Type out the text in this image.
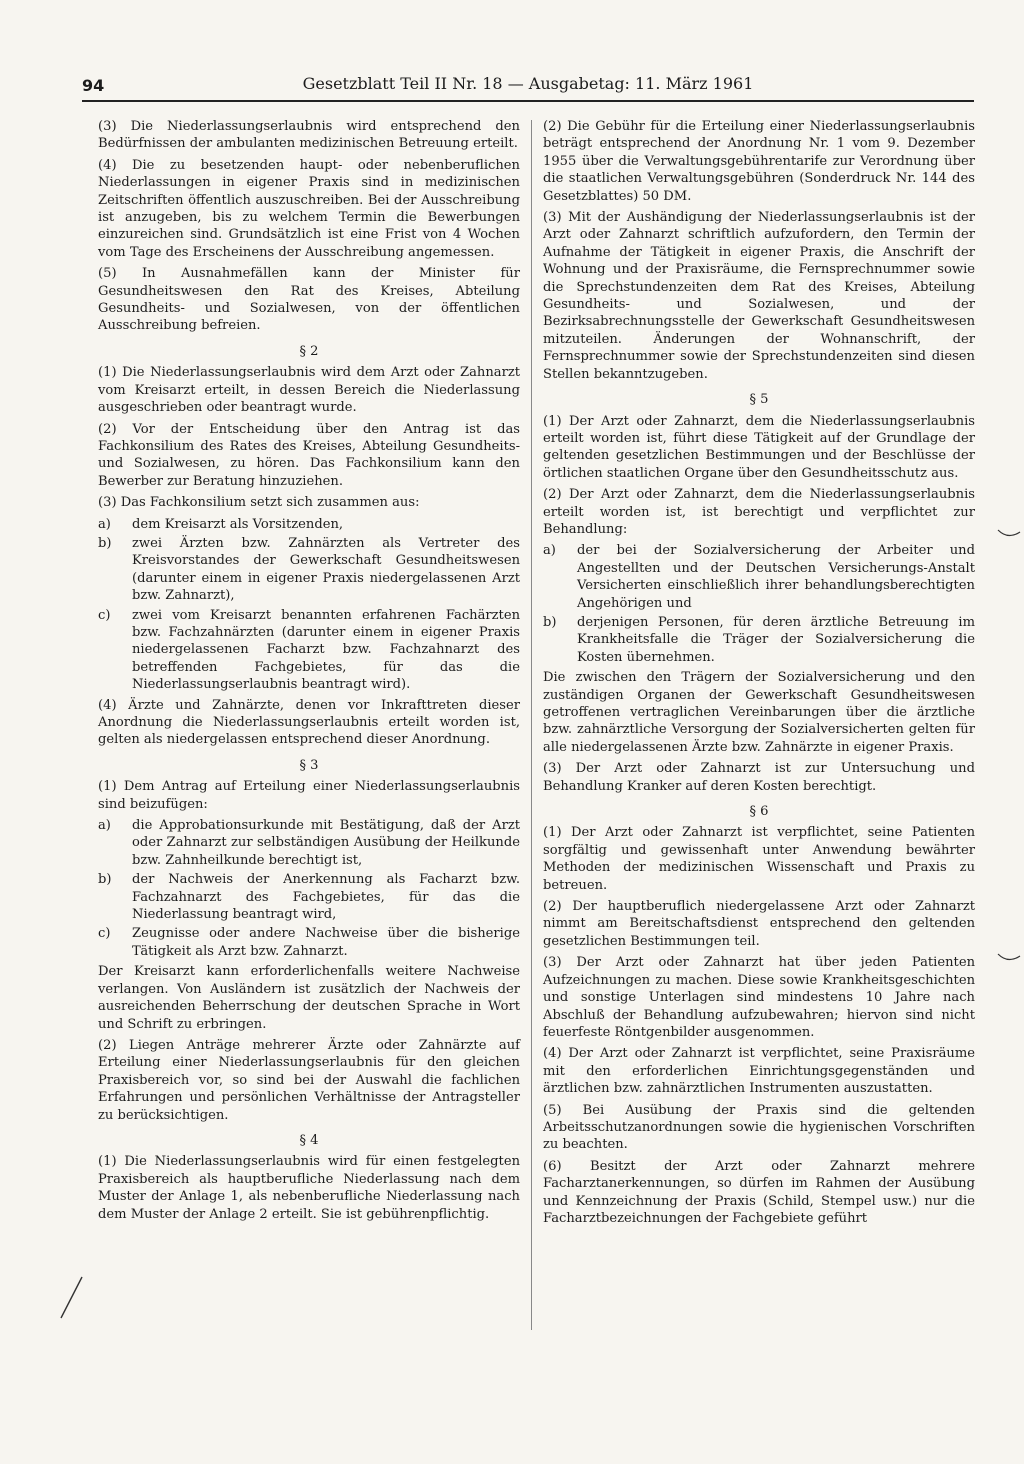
94	Gesetzblatt Teil II Nr. 18 — Ausgabetag: 11. März 1961

(3) Die Niederlassungserlaubnis wird entsprechend den Bedürfnissen der ambulanten medizinischen Betreuung erteilt.

(4) Die zu besetzenden haupt- oder nebenberuflichen Niederlassungen in eigener Praxis sind in medizinischen Zeitschriften öffentlich auszuschreiben. Bei der Ausschreibung ist anzugeben, bis zu welchem Termin die Bewerbungen einzureichen sind. Grundsätzlich ist eine Frist von 4 Wochen vom Tage des Erscheinens der Ausschreibung angemessen.

(5) In Ausnahmefällen kann der Minister für Gesundheitswesen den Rat des Kreises, Abteilung Gesundheits- und Sozialwesen, von der öffentlichen Ausschreibung befreien.

§ 2

(1) Die Niederlassungserlaubnis wird dem Arzt oder Zahnarzt vom Kreisarzt erteilt, in dessen Bereich die Niederlassung ausgeschrieben oder beantragt wurde.

(2) Vor der Entscheidung über den Antrag ist das Fachkonsilium des Rates des Kreises, Abteilung Gesundheits- und Sozialwesen, zu hören. Das Fachkonsilium kann den Bewerber zur Beratung hinzuziehen.

(3) Das Fachkonsilium setzt sich zusammen aus:

a)	dem Kreisarzt als Vorsitzenden,
b)	zwei Ärzten bzw. Zahnärzten als Vertreter des Kreisvorstandes der Gewerkschaft Gesundheitswesen (darunter einem in eigener Praxis niedergelassenen Arzt bzw. Zahnarzt),
c)	zwei vom Kreisarzt benannten erfahrenen Fachärzten bzw. Fachzahnärzten (darunter einem in eigener Praxis niedergelassenen Facharzt bzw. Fachzahnarzt des betreffenden Fachgebietes, für das die Niederlassungserlaubnis beantragt wird).

(4) Ärzte und Zahnärzte, denen vor Inkrafttreten dieser Anordnung die Niederlassungserlaubnis erteilt worden ist, gelten als niedergelassen entsprechend dieser Anordnung.

§ 3

(1) Dem Antrag auf Erteilung einer Niederlassungserlaubnis sind beizufügen:

a)	die Approbationsurkunde mit Bestätigung, daß der Arzt oder Zahnarzt zur selbständigen Ausübung der Heilkunde bzw. Zahnheilkunde berechtigt ist,
b)	der Nachweis der Anerkennung als Facharzt bzw. Fachzahnarzt des Fachgebietes, für das die Niederlassung beantragt wird,
c)	Zeugnisse oder andere Nachweise über die bisherige Tätigkeit als Arzt bzw. Zahnarzt.

Der Kreisarzt kann erforderlichenfalls weitere Nachweise verlangen. Von Ausländern ist zusätzlich der Nachweis der ausreichenden Beherrschung der deutschen Sprache in Wort und Schrift zu erbringen.

(2) Liegen Anträge mehrerer Ärzte oder Zahnärzte auf Erteilung einer Niederlassungserlaubnis für den gleichen Praxisbereich vor, so sind bei der Auswahl die fachlichen Erfahrungen und persönlichen Verhältnisse der Antragsteller zu berücksichtigen.

§ 4

(1) Die Niederlassungserlaubnis wird für einen festgelegten Praxisbereich als hauptberufliche Niederlassung nach dem Muster der Anlage 1, als nebenberufliche Niederlassung nach dem Muster der Anlage 2 erteilt. Sie ist gebührenpflichtig.

(2) Die Gebühr für die Erteilung einer Niederlassungserlaubnis beträgt entsprechend der Anordnung Nr. 1 vom 9. Dezember 1955 über die Verwaltungsgebührentarife zur Verordnung über die staatlichen Verwaltungsgebühren (Sonderdruck Nr. 144 des Gesetzblattes) 50 DM.

(3) Mit der Aushändigung der Niederlassungserlaubnis ist der Arzt oder Zahnarzt schriftlich aufzufordern, den Termin der Aufnahme der Tätigkeit in eigener Praxis, die Anschrift der Wohnung und der Praxisräume, die Fernsprechnummer sowie die Sprechstundenzeiten dem Rat des Kreises, Abteilung Gesundheits- und Sozialwesen, und der Bezirksabrechnungsstelle der Gewerkschaft Gesundheitswesen mitzuteilen. Änderungen der Wohnanschrift, der Fernsprechnummer sowie der Sprechstundenzeiten sind diesen Stellen bekanntzugeben.

§ 5

(1) Der Arzt oder Zahnarzt, dem die Niederlassungserlaubnis erteilt worden ist, führt diese Tätigkeit auf der Grundlage der geltenden gesetzlichen Bestimmungen und der Beschlüsse der örtlichen staatlichen Organe über den Gesundheitsschutz aus.

(2) Der Arzt oder Zahnarzt, dem die Niederlassungserlaubnis erteilt worden ist, ist berechtigt und verpflichtet zur Behandlung:

a)	der bei der Sozialversicherung der Arbeiter und Angestellten und der Deutschen Versicherungs-Anstalt Versicherten einschließlich ihrer behandlungsberechtigten Angehörigen und
b)	derjenigen Personen, für deren ärztliche Betreuung im Krankheitsfalle die Träger der Sozialversicherung die Kosten übernehmen.

Die zwischen den Trägern der Sozialversicherung und den zuständigen Organen der Gewerkschaft Gesundheitswesen getroffenen vertraglichen Vereinbarungen über die ärztliche bzw. zahnärztliche Versorgung der Sozialversicherten gelten für alle niedergelassenen Ärzte bzw. Zahnärzte in eigener Praxis.

(3) Der Arzt oder Zahnarzt ist zur Untersuchung und Behandlung Kranker auf deren Kosten berechtigt.

§ 6

(1) Der Arzt oder Zahnarzt ist verpflichtet, seine Patienten sorgfältig und gewissenhaft unter Anwendung bewährter Methoden der medizinischen Wissenschaft und Praxis zu betreuen.

(2) Der hauptberuflich niedergelassene Arzt oder Zahnarzt nimmt am Bereitschaftsdienst entsprechend den geltenden gesetzlichen Bestimmungen teil.

(3) Der Arzt oder Zahnarzt hat über jeden Patienten Aufzeichnungen zu machen. Diese sowie Krankheitsgeschichten und sonstige Unterlagen sind mindestens 10 Jahre nach Abschluß der Behandlung aufzubewahren; hiervon sind nicht feuerfeste Röntgenbilder ausgenommen.

(4) Der Arzt oder Zahnarzt ist verpflichtet, seine Praxisräume mit den erforderlichen Einrichtungsgegenständen und ärztlichen bzw. zahnärztlichen Instrumenten auszustatten.

(5) Bei Ausübung der Praxis sind die geltenden Arbeitsschutzanordnungen sowie die hygienischen Vorschriften zu beachten.

(6) Besitzt der Arzt oder Zahnarzt mehrere Facharztanerkennungen, so dürfen im Rahmen der Ausübung und Kennzeichnung der Praxis (Schild, Stempel usw.) nur die Facharztbezeichnungen der Fachgebiete geführt
